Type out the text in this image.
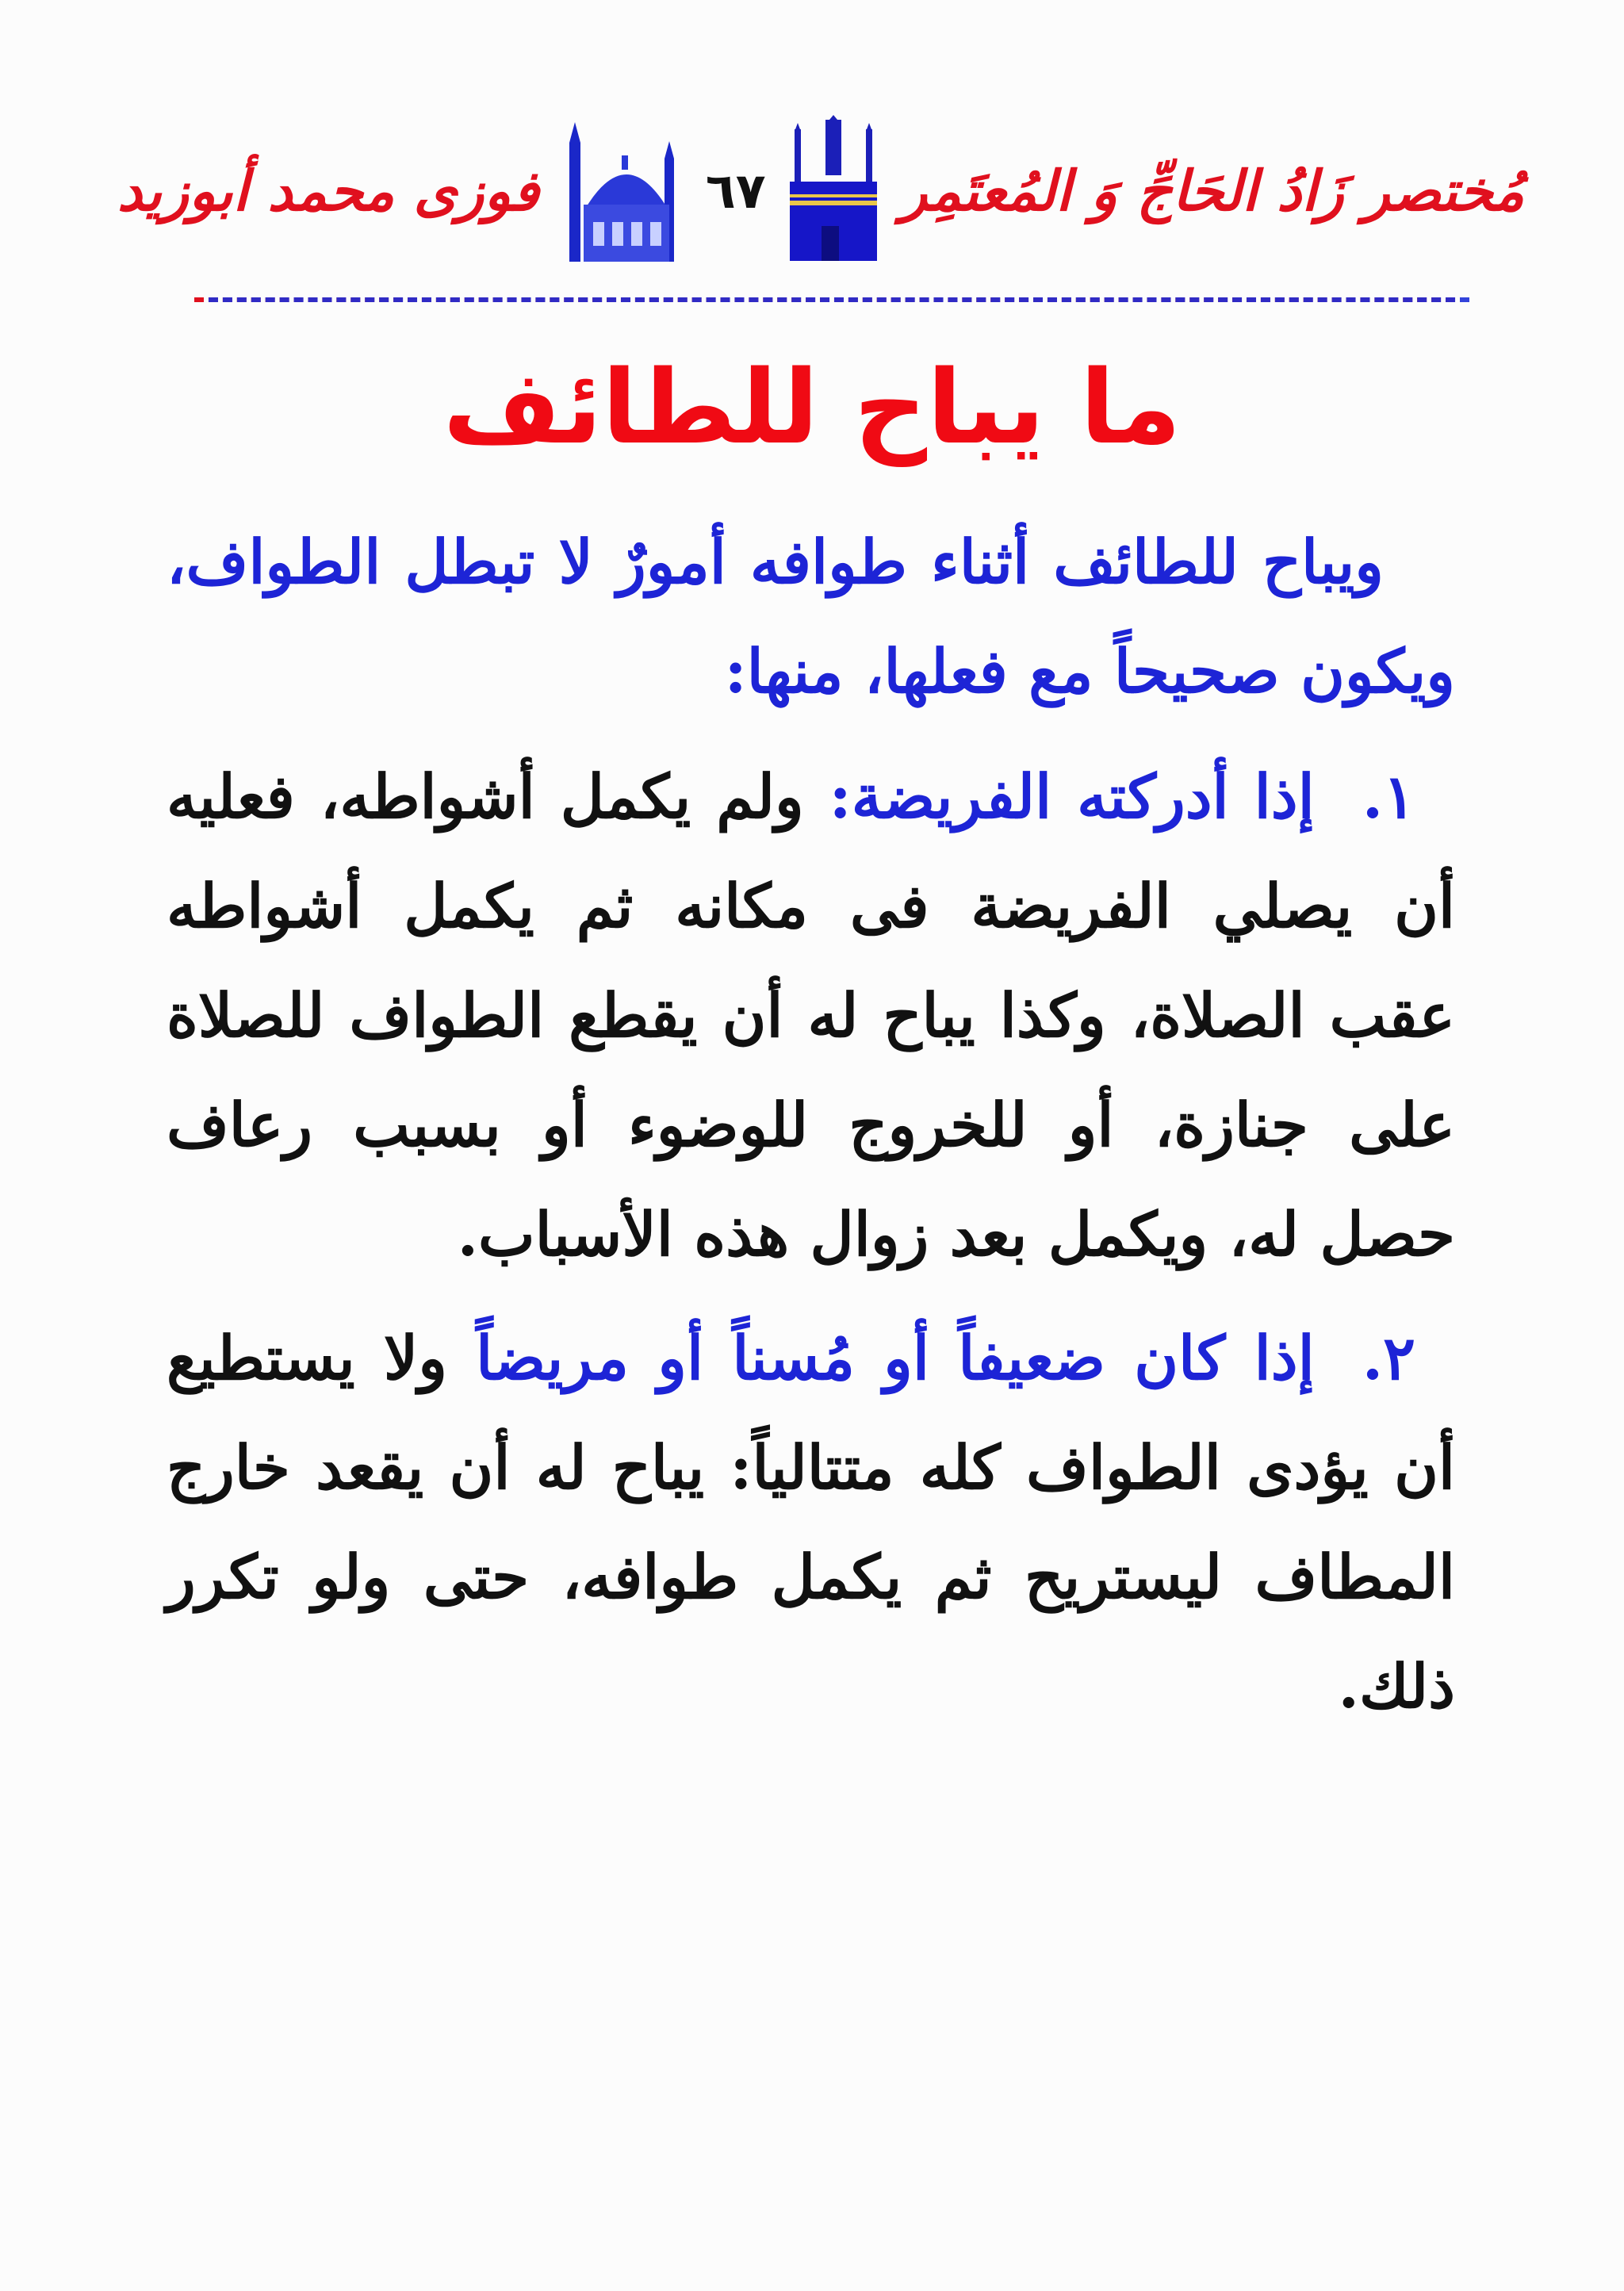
مُختصر زَادُ الحَاجِّ وَ المُعتَمِر
٦٧
فوزى محمد أبوزيد
ما يباح للطائف

ويباح للطائف أثناء طوافه أمورٌ لا تبطل الطواف، ويكون صحيحاً مع فعلها، منها:

١.إذا أدركته الفريضة: ولم يكمل أشواطه، فعليه أن يصلي الفريضة فى مكانه ثم يكمل أشواطه عقب الصلاة، وكذا يباح له أن يقطع الطواف للصلاة على جنازة، أو للخروج للوضوء أو بسبب رعاف حصل له، ويكمل بعد زوال هذه الأسباب.

٢.إذا كان ضعيفاً أو مُسناً أو مريضاً ولا يستطيع أن يؤدى الطواف كله متتالياً: يباح له أن يقعد خارج المطاف ليستريح ثم يكمل طوافه، حتى ولو تكرر ذلك.
